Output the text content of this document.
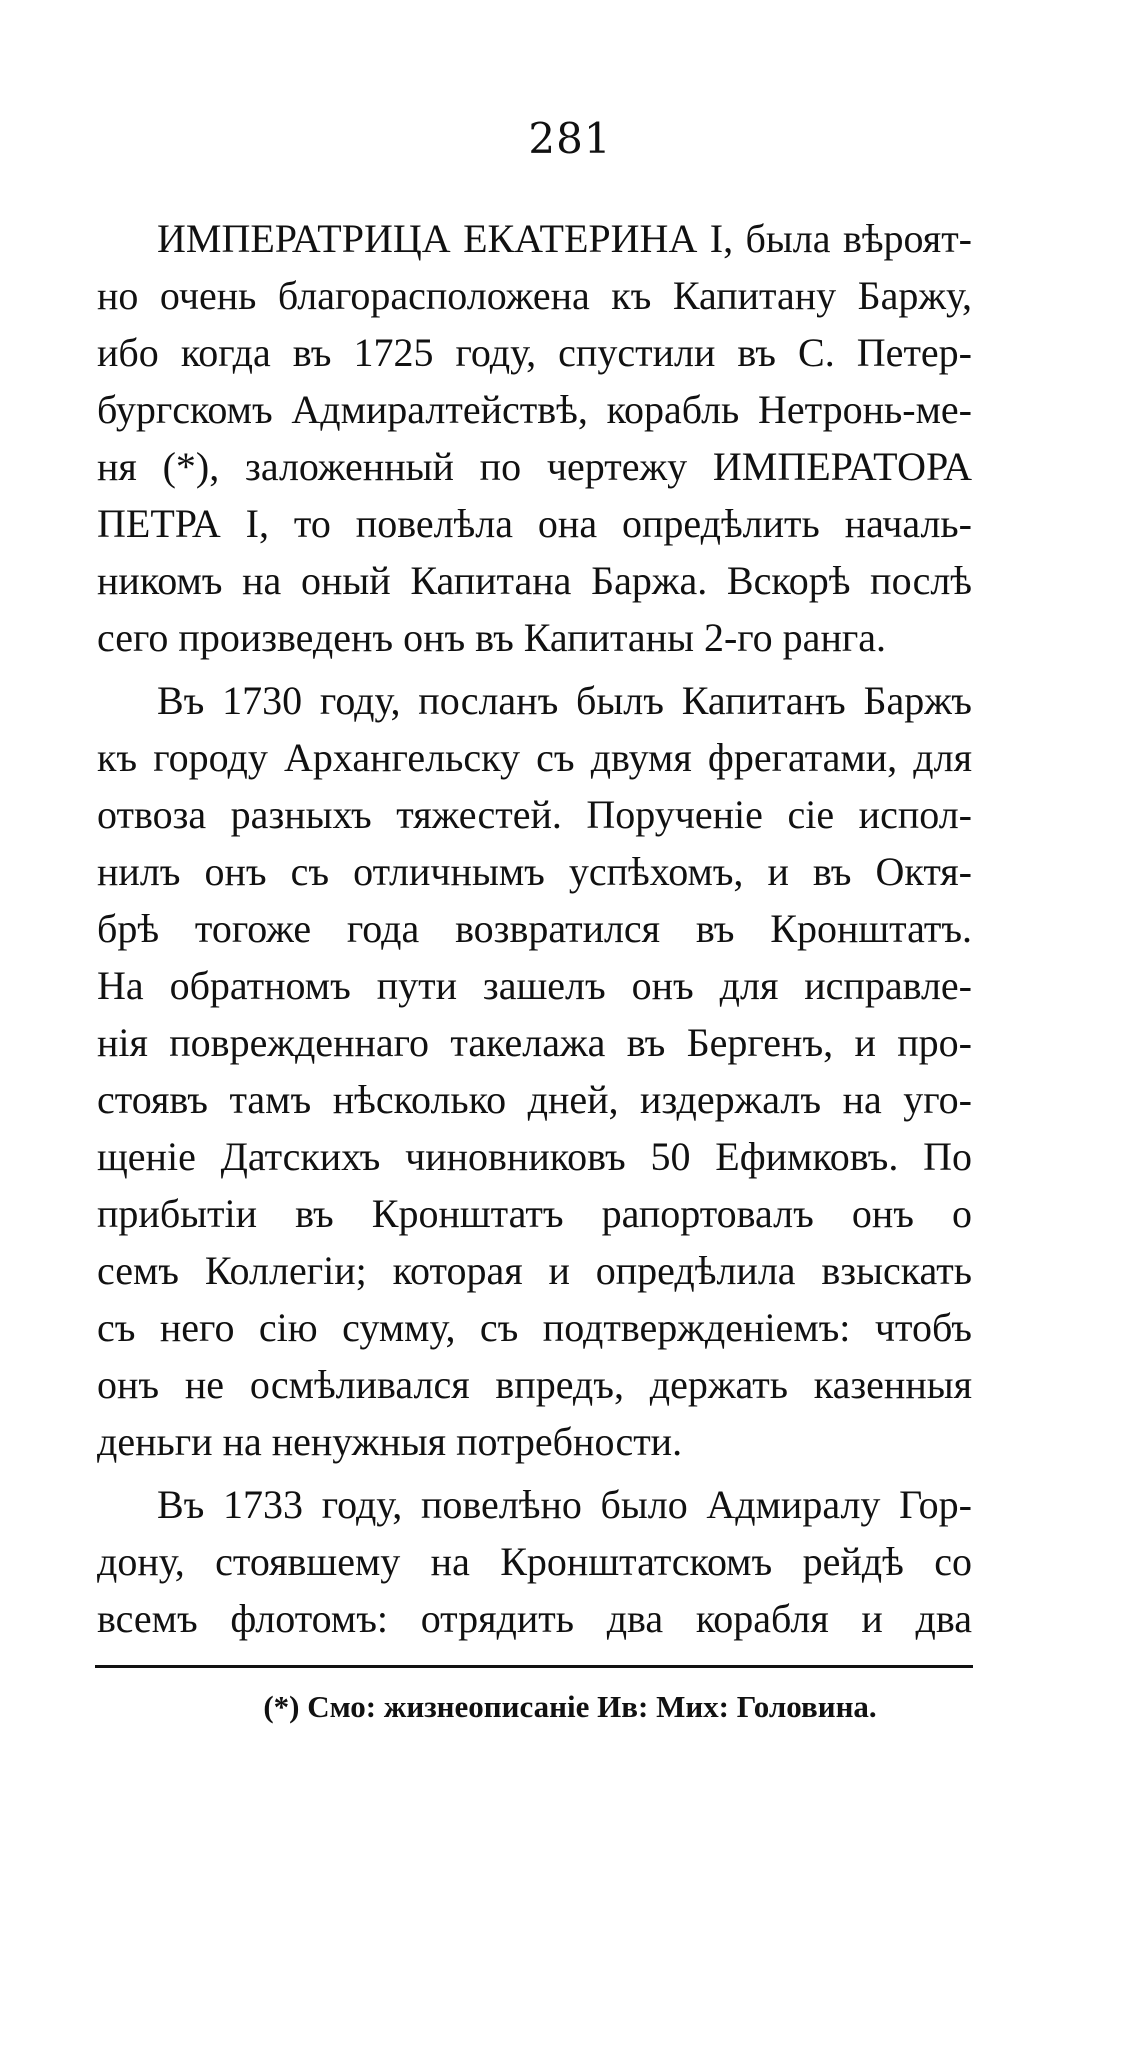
281
ИМПЕРАТРИЦА ЕКАТЕРИНА I, была вѣроят-
но очень благорасположена къ Капитану Баржу,
ибо когда въ 1725 году, спустили въ С. Петер-
бургскомъ Адмиралтействѣ, корабль Нетронь-ме-
ня (*), заложенный по чертежу ИМПЕРАТОРА
ПЕТРА I, то повелѣла она опредѣлить началь-
никомъ на оный Капитана Баржа. Вскорѣ послѣ
сего произведенъ онъ въ Капитаны 2-го ранга.
Въ 1730 году, посланъ былъ Капитанъ Баржъ
къ городу Архангельску съ двумя фрегатами, для
отвоза разныхъ тяжестей. Порученіе сіе испол-
нилъ онъ съ отличнымъ успѣхомъ, и въ Октя-
брѣ тогоже года возвратился въ Кронштатъ.
На обратномъ пути зашелъ онъ для исправле-
нія поврежденнаго такелажа въ Бергенъ, и про-
стоявъ тамъ нѣсколько дней, издержалъ на уго-
щеніе Датскихъ чиновниковъ 50 Ефимковъ. По
прибытіи въ Кронштатъ рапортовалъ онъ о
семъ Коллегіи; которая и опредѣлила взыскать
съ него сію сумму, съ подтвержденіемъ: чтобъ
онъ не осмѣливался впредъ, держать казенныя
деньги на ненужныя потребности.
Въ 1733 году, повелѣно было Адмиралу Гор-
дону, стоявшему на Кронштатскомъ рейдѣ со
всемъ флотомъ: отрядить два корабля и два
(*) Смо: жизнеописаніе Ив: Мих: Головина.
